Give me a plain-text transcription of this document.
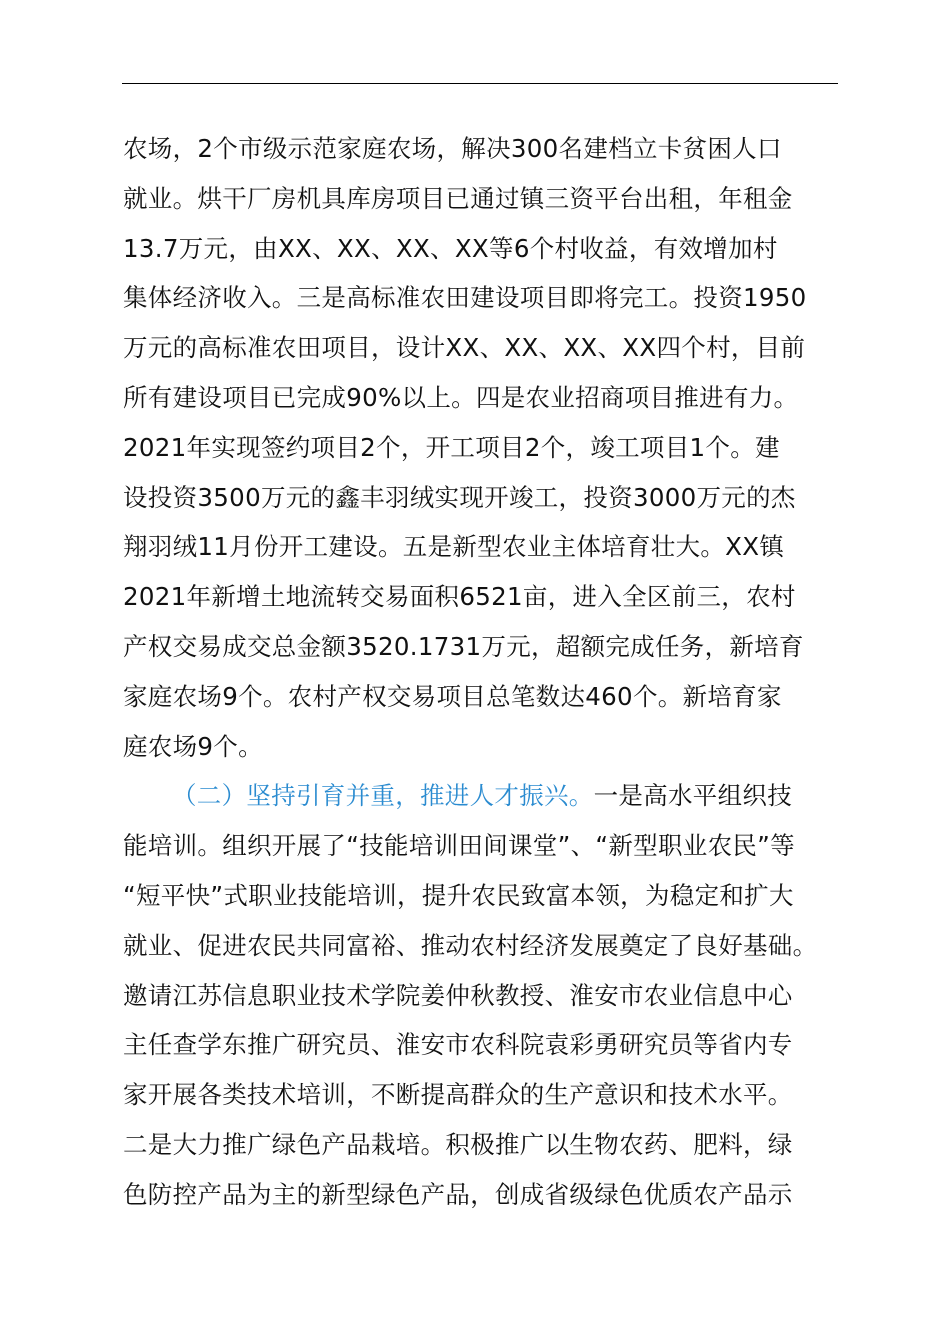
农场，2个市级示范家庭农场，解决300名建档立卡贫困人口
就业。烘干厂房机具库房项目已通过镇三资平台出租，年租金
13.7万元，由XX、XX、XX、XX等6个村收益，有效增加村
集体经济收入。三是高标准农田建设项目即将完工。投资1950
万元的高标准农田项目，设计XX、XX、XX、XX四个村，目前
所有建设项目已完成90%以上。四是农业招商项目推进有力。
2021年实现签约项目2个，开工项目2个，竣工项目1个。建
设投资3500万元的鑫丰羽绒实现开竣工，投资3000万元的杰
翔羽绒11月份开工建设。五是新型农业主体培育壮大。XX镇
2021年新增土地流转交易面积6521亩，进入全区前三，农村
产权交易成交总金额3520.1731万元，超额完成任务，新培育
家庭农场9个。农村产权交易项目总笔数达460个。新培育家
庭农场9个。
（二）坚持引育并重，推进人才振兴。一是高水平组织技
能培训。组织开展了“技能培训田间课堂”、“新型职业农民”等
“短平快”式职业技能培训，提升农民致富本领，为稳定和扩大
就业、促进农民共同富裕、推动农村经济发展奠定了良好基础。
邀请江苏信息职业技术学院姜仲秋教授、淮安市农业信息中心
主任查学东推广研究员、淮安市农科院袁彩勇研究员等省内专
家开展各类技术培训，不断提高群众的生产意识和技术水平。
二是大力推广绿色产品栽培。积极推广以生物农药、肥料，绿
色防控产品为主的新型绿色产品，创成省级绿色优质农产品示
